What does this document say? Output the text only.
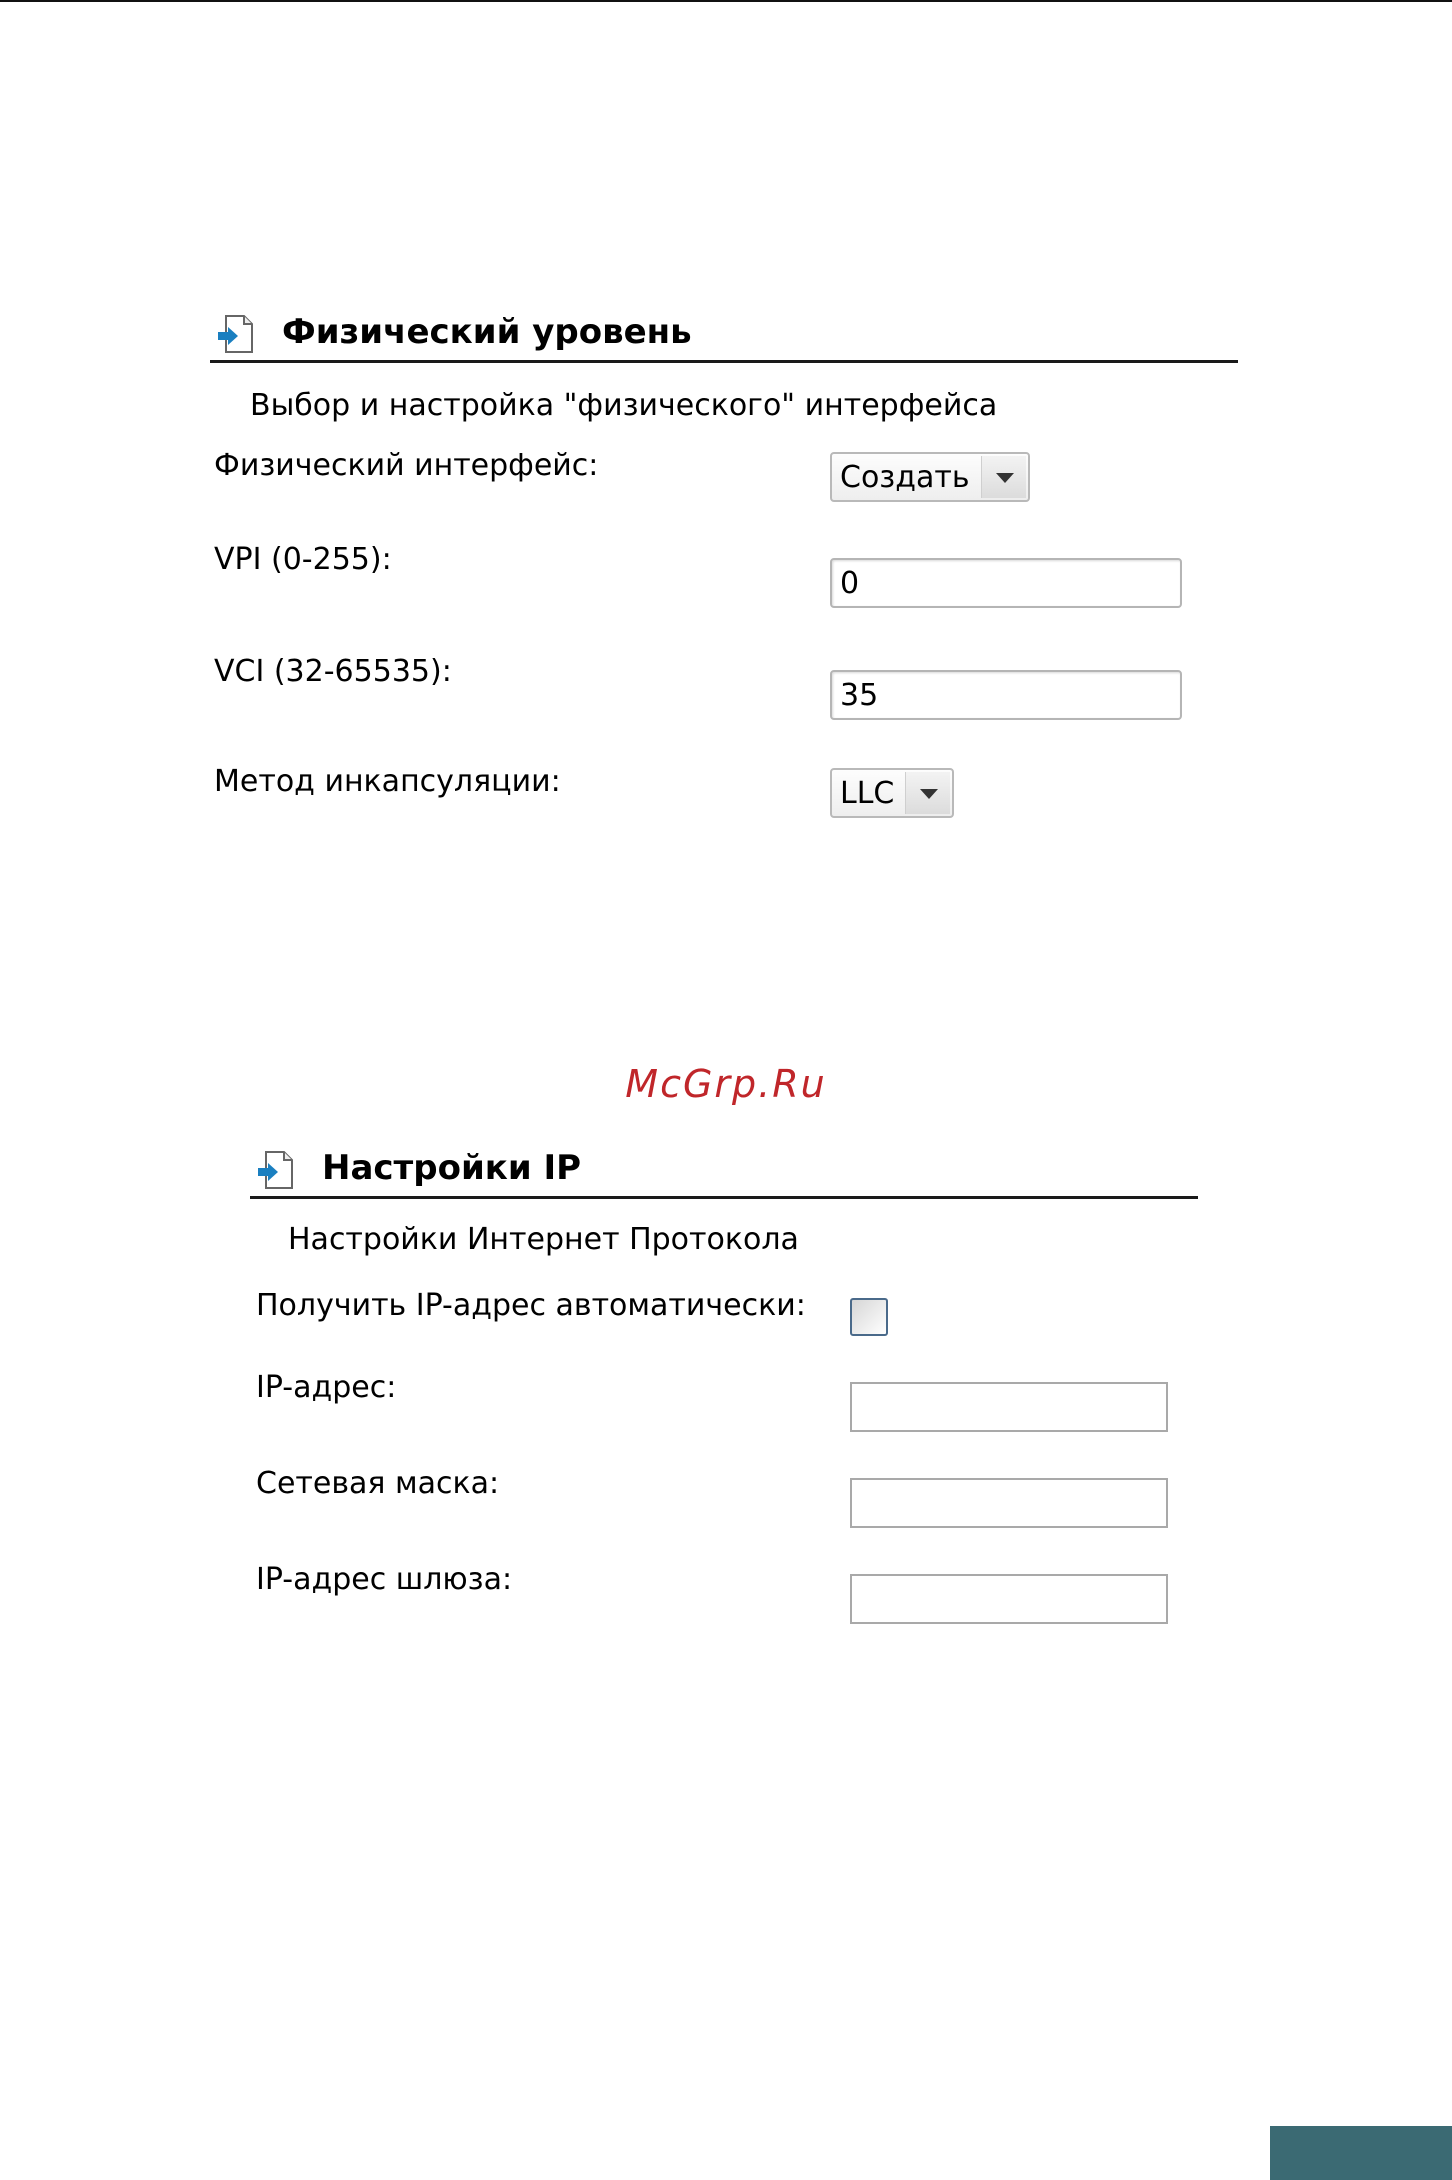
Физический уровень
Выбор и настройка "физического" интерфейса
Физический интерфейс:	Создать
VPI (0-255):
0
VCI (32-65535):
35
Метод инкапсуляции:	LLC
McGrp.Ru
Настройки IP
Настройки Интернет Протокола
Получить IP-адрес автоматически:
IP-адрес:
Сетевая маска:
IP-адрес шлюза:
